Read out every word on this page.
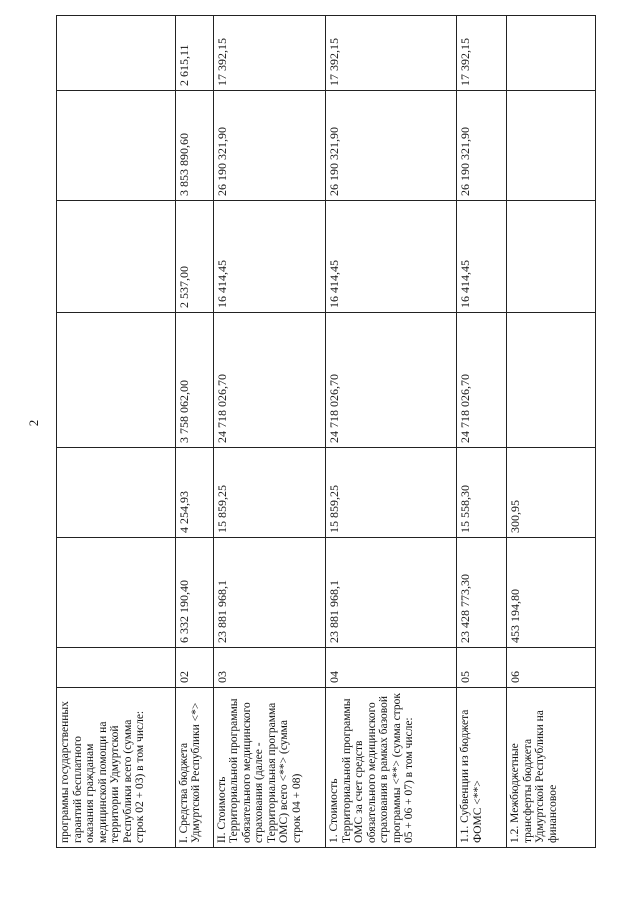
2
программы государственных гарантий бесплатного оказания гражданам медицинской помощи на территории Удмуртской Республики всего (сумма строк 02 + 03) в том числе:							
I. Средства бюджета Удмуртской Республики <*>	02	6 332 190,40	4 254,93	3 758 062,00	2 537,00	3 853 890,60	2 615,11
II. Стоимость Территориальной программы обязательного медицинского страхования (далее - Территориальная программа ОМС) всего <**> (сумма строк 04 + 08)	03	23 881 968,1	15 859,25	24 718 026,70	16 414,45	26 190 321,90	17 392,15
1. Стоимость Территориальной программы ОМС за счет средств обязательного медицинского страхования в рамках базовой программы <**> (сумма строк 05 + 06 + 07) в том числе:	04	23 881 968,1	15 859,25	24 718 026,70	16 414,45	26 190 321,90	17 392,15
1.1. Субвенции из бюджета ФОМС <**>	05	23 428 773,30	15 558,30	24 718 026,70	16 414,45	26 190 321,90	17 392,15
1.2. Межбюджетные трансферты бюджета Удмуртской Республики на финансовое	06	453 194,80	300,95				
